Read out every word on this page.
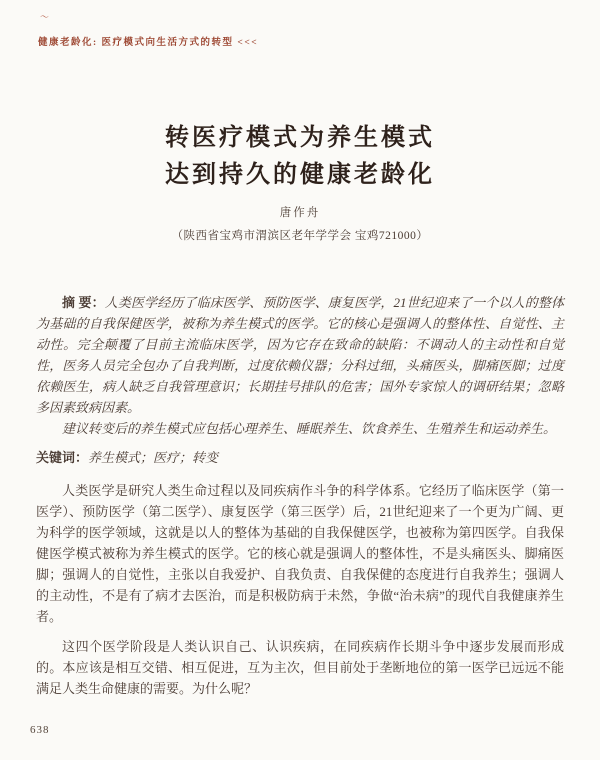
〜
健康老龄化: 医疗模式向生活方式的转型 <<<
转医疗模式为养生模式
达到持久的健康老龄化
唐作舟
（陕西省宝鸡市渭滨区老年学学会 宝鸡721000）

摘 要：人类医学经历了临床医学、预防医学、康复医学，21世纪迎来了一个以人的整体为基础的自我保健医学，被称为养生模式的医学。它的核心是强调人的整体性、自觉性、主动性。完全颠覆了目前主流临床医学，因为它存在致命的缺陷：不调动人的主动性和自觉性，医务人员完全包办了自我判断，过度依赖仪器；分科过细，头痛医头，脚痛医脚；过度依赖医生，病人缺乏自我管理意识；长期挂号排队的危害；国外专家惊人的调研结果；忽略多因素致病因素。

建议转变后的养生模式应包括心理养生、睡眠养生、饮食养生、生殖养生和运动养生。

关键词：养生模式；医疗；转变

人类医学是研究人类生命过程以及同疾病作斗争的科学体系。它经历了临床医学（第一医学）、预防医学（第二医学）、康复医学（第三医学）后，21世纪迎来了一个更为广阔、更为科学的医学领域，这就是以人的整体为基础的自我保健医学，也被称为第四医学。自我保健医学模式被称为养生模式的医学。它的核心就是强调人的整体性，不是头痛医头、脚痛医脚；强调人的自觉性，主张以自我爱护、自我负责、自我保健的态度进行自我养生；强调人的主动性，不是有了病才去医治，而是积极防病于未然，争做“治未病”的现代自我健康养生者。

这四个医学阶段是人类认识自己、认识疾病，在同疾病作长期斗争中逐步发展而形成的。本应该是相互交错、相互促进，互为主次，但目前处于垄断地位的第一医学已远远不能满足人类生命健康的需要。为什么呢？

638
